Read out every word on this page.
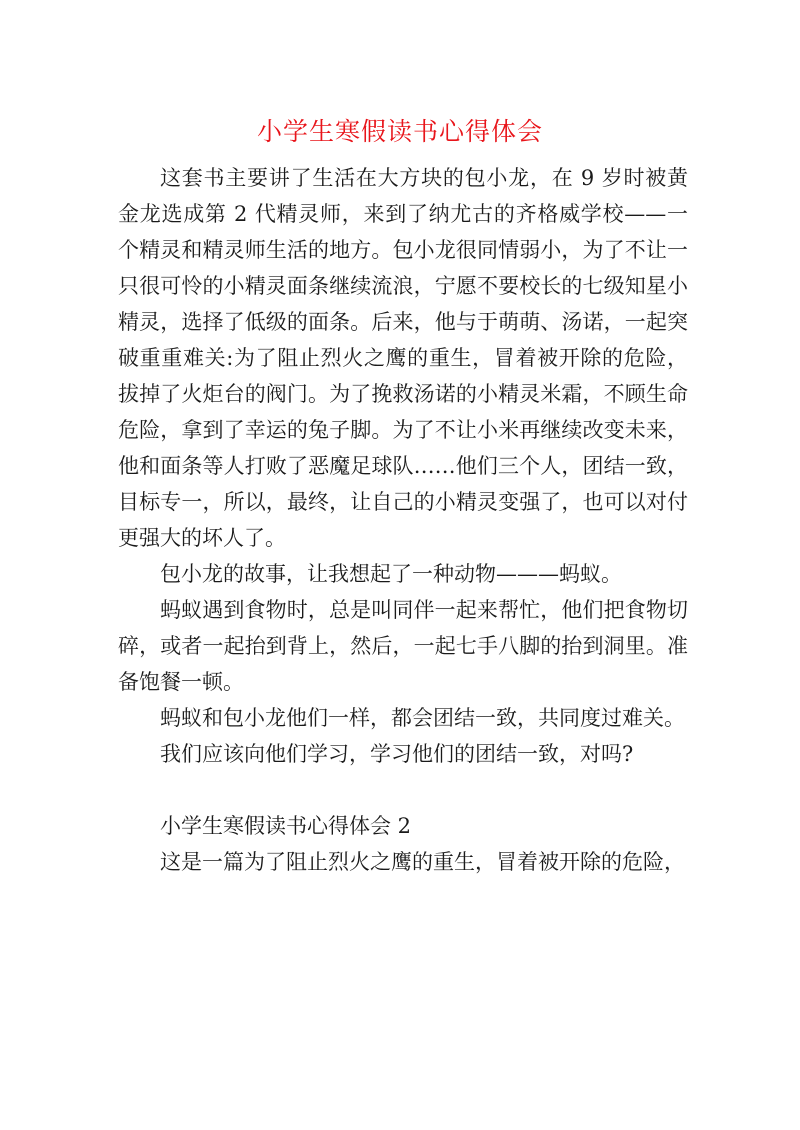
小学生寒假读书心得体会

这套书主要讲了生活在大方块的包小龙，在 9 岁时被黄金龙选成第 2 代精灵师，来到了纳尤古的齐格威学校——一个精灵和精灵师生活的地方。包小龙很同情弱小，为了不让一只很可怜的小精灵面条继续流浪，宁愿不要校长的七级知星小精灵，选择了低级的面条。后来，他与于萌萌、汤诺，一起突破重重难关:为了阻止烈火之鹰的重生，冒着被开除的危险，拔掉了火炬台的阀门。为了挽救汤诺的小精灵米霜，不顾生命危险，拿到了幸运的兔子脚。为了不让小米再继续改变未来，他和面条等人打败了恶魔足球队……他们三个人，团结一致，目标专一，所以，最终，让自己的小精灵变强了，也可以对付更强大的坏人了。

包小龙的故事，让我想起了一种动物———蚂蚁。

蚂蚁遇到食物时，总是叫同伴一起来帮忙，他们把食物切碎，或者一起抬到背上，然后，一起七手八脚的抬到洞里。准备饱餐一顿。

蚂蚁和包小龙他们一样，都会团结一致，共同度过难关。

我们应该向他们学习，学习他们的团结一致，对吗?

小学生寒假读书心得体会 2

这是一篇为了阻止烈火之鹰的重生，冒着被开除的危险，
